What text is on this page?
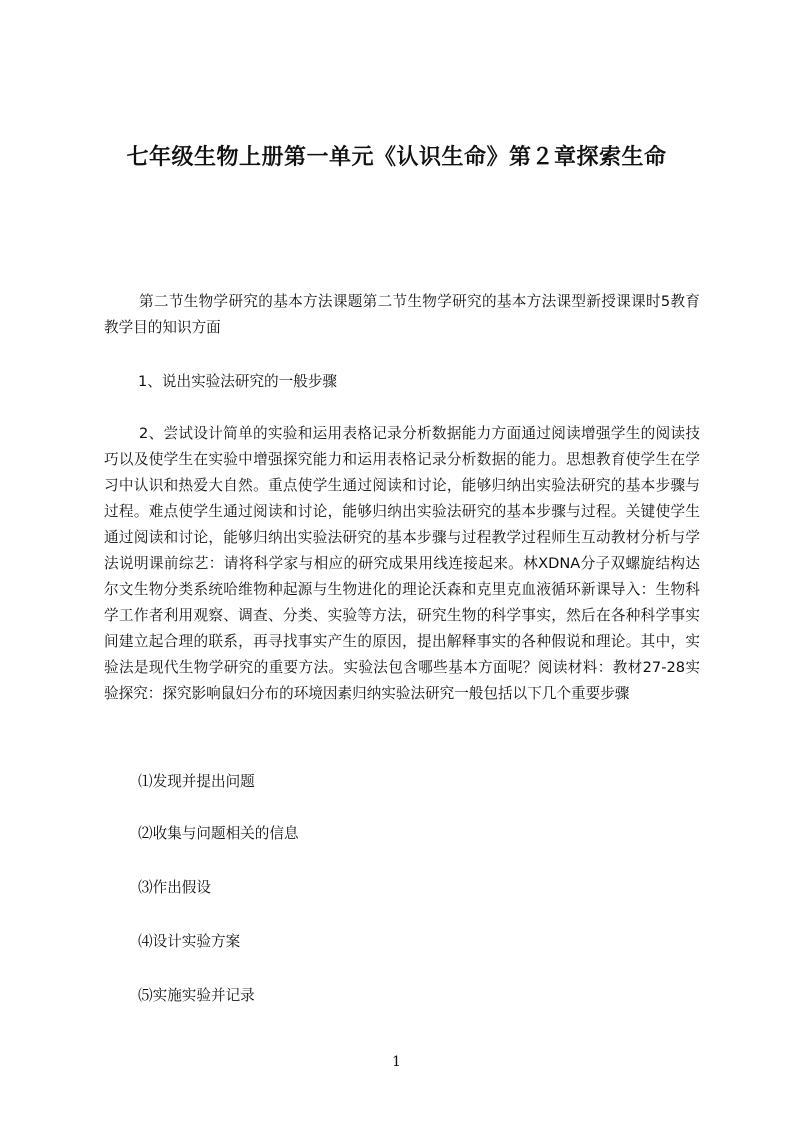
七年级生物上册第一单元《认识生命》第２章探索生命

第二节生物学研究的基本方法课题第二节生物学研究的基本方法课型新授课课时5教育教学目的知识方面

1、说出实验法研究的一般步骤

2、尝试设计简单的实验和运用表格记录分析数据能力方面通过阅读增强学生的阅读技巧以及使学生在实验中增强探究能力和运用表格记录分析数据的能力。思想教育使学生在学习中认识和热爱大自然。重点使学生通过阅读和讨论，能够归纳出实验法研究的基本步骤与过程。难点使学生通过阅读和讨论，能够归纳出实验法研究的基本步骤与过程。关键使学生通过阅读和讨论，能够归纳出实验法研究的基本步骤与过程教学过程师生互动教材分析与学法说明课前综艺：请将科学家与相应的研究成果用线连接起来。林XDNA分子双螺旋结构达尔文生物分类系统哈维物种起源与生物进化的理论沃森和克里克血液循环新课导入：生物科学工作者利用观察、调查、分类、实验等方法，研究生物的科学事实，然后在各种科学事实间建立起合理的联系，再寻找事实产生的原因，提出解释事实的各种假说和理论。其中，实验法是现代生物学研究的重要方法。实验法包含哪些基本方面呢？阅读材料：教材27-28实验探究：探究影响鼠妇分布的环境因素归纳实验法研究一般包括以下几个重要步骤

⑴发现并提出问题

⑵收集与问题相关的信息

⑶作出假设

⑷设计实验方案

⑸实施实验并记录

1
